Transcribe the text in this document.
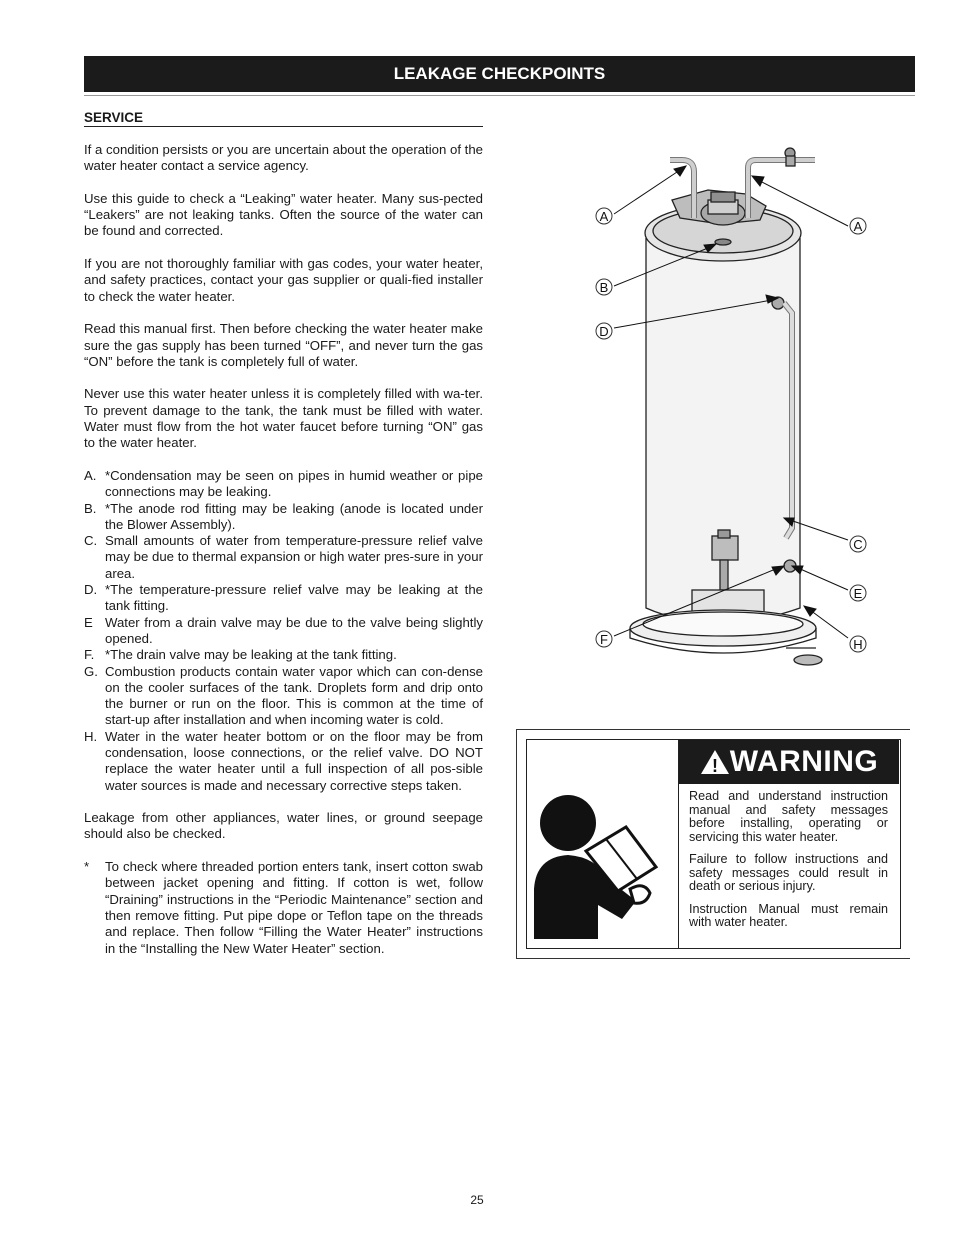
LEAKAGE CHECKPOINTS
SERVICE

If a condition persists or you are uncertain about the operation of the water heater contact a service agency.

Use this guide to check a “Leaking” water heater. Many sus-pected “Leakers” are not leaking tanks. Often the source of the water can be found and corrected.

If you are not thoroughly familiar with gas codes, your water heater, and safety practices, contact your gas supplier or quali-fied installer to check the water heater.

Read this manual first. Then before checking the water heater make sure the gas supply has been turned “OFF”, and never turn the gas “ON” before the tank is completely full of water.

Never use this water heater unless it is completely filled with wa-ter. To prevent damage to the tank, the tank must be filled with water. Water must flow from the hot water faucet before turning “ON” gas to the water heater.

A. *Condensation may be seen on pipes in humid weather or pipe connections may be leaking.
B. *The anode rod fitting may be leaking (anode is located under the Blower Assembly).
C. Small amounts of water from temperature-pressure relief valve may be due to thermal expansion or high water pres-sure in your area.
D. *The temperature-pressure relief valve may be leaking at the tank fitting.
E Water from a drain valve may be due to the valve being slightly opened.
F. *The drain valve may be leaking at the tank fitting.
G. Combustion products contain water vapor which can con-dense on the cooler surfaces of the tank. Droplets form and drip onto the burner or run on the floor. This is common at the time of start-up after installation and when incoming water is cold.
H. Water in the water heater bottom or on the floor may be from condensation, loose connections, or the relief valve. DO NOT replace the water heater until a full inspection of all pos-sible water sources is made and necessary corrective steps taken.

Leakage from other appliances, water lines, or ground seepage should also be checked.

*	To check where threaded portion enters tank, insert cotton swab between jacket opening and fitting. If cotton is wet, follow “Draining” instructions in the “Periodic Maintenance” section and then remove fitting. Put pipe dope or Teflon tape on the threads and replace. Then follow “Filling the Water Heater” instructions in the “Installing the New Water Heater” section.
A
A
B
D
C
E
F	H
! WARNING

Read and understand instruction manual and safety messages before installing, operating or servicing this water heater.

Failure to follow instructions and safety messages could result in death or serious injury.

Instruction Manual must remain with water heater.

25
